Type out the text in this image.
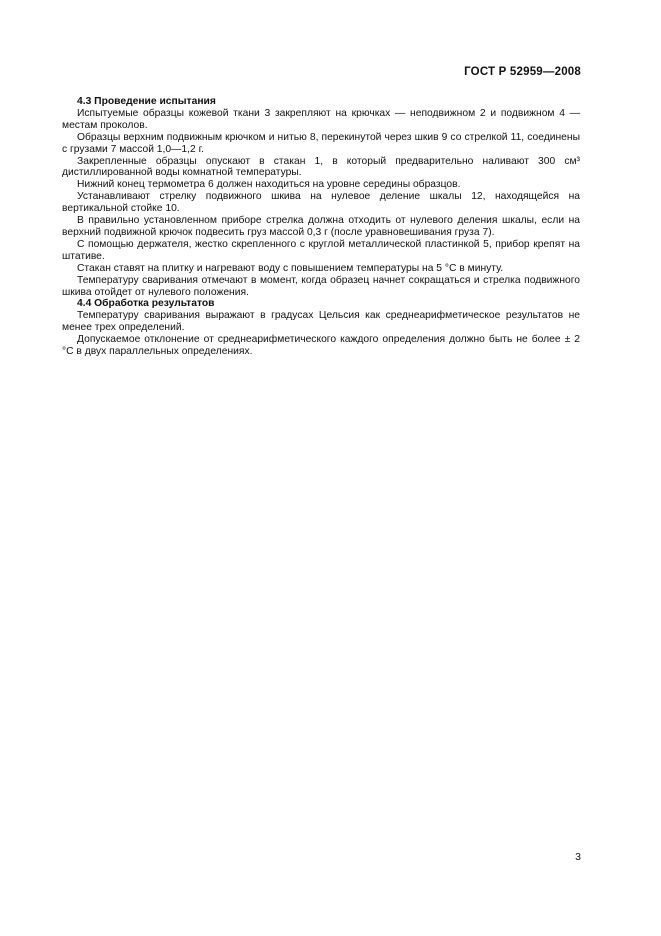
ГОСТ Р 52959—2008
4.3 Проведение испытания

Испытуемые образцы кожевой ткани 3 закрепляют на крючках — неподвижном 2 и подвижном 4 — местам проколов.

Образцы верхним подвижным крючком и нитью 8, перекинутой через шкив 9 со стрелкой 11, соединены с грузами 7 массой 1,0—1,2 г.

Закрепленные образцы опускают в стакан 1, в который предварительно наливают 300 см³ дистиллированной воды комнатной температуры.

Нижний конец термометра 6 должен находиться на уровне середины образцов.

Устанавливают стрелку подвижного шкива на нулевое деление шкалы 12, находящейся на вертикальной стойке 10.

В правильно установленном приборе стрелка должна отходить от нулевого деления шкалы, если на верхний подвижной крючок подвесить груз массой 0,3 г (после уравновешивания груза 7).

С помощью держателя, жестко скрепленного с круглой металлической пластинкой 5, прибор крепят на штативе.

Стакан ставят на плитку и нагревают воду с повышением температуры на 5 °С в минуту.

Температуру сваривания отмечают в момент, когда образец начнет сокращаться и стрелка подвижного шкива отойдет от нулевого положения.

4.4 Обработка результатов

Температуру сваривания выражают в градусах Цельсия как среднеарифметическое результатов не менее трех определений.

Допускаемое отклонение от среднеарифметического каждого определения должно быть не более ± 2 °С в двух параллельных определениях.

3
